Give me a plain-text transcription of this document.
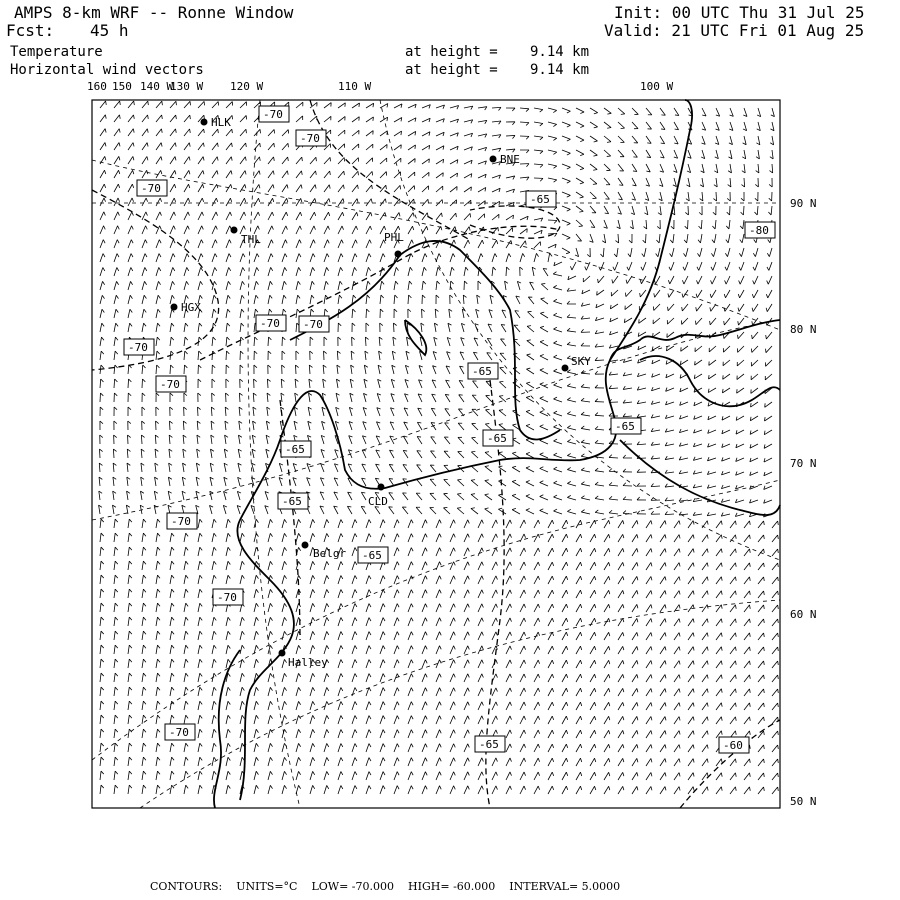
AMPS 8-km WRF -- Ronne Window
Fcst: 45 h
Init: 00 UTC Thu 31 Jul 25
Valid: 21 UTC Fri 01 Aug 25
Temperature
Horizontal wind vectors
at height = 9.14 km
at height = 9.14 km
160 150 140 W
130 W 120 W	110 W	100 W
90 N
80 N
70 N
60 N
50 N
HLK
BNE
THL	PHL
HGX
SKY
CLD
Belgr
Halley
-70
-70
-70
-65
-80
-70 -70
-70
-70
-65
-65
-65
-65
-65
-65
-70
-70
-65
-70
-60
CONTOURS: UNITS=°C LOW= -70.000 HIGH= -60.000 INTERVAL= 5.0000
